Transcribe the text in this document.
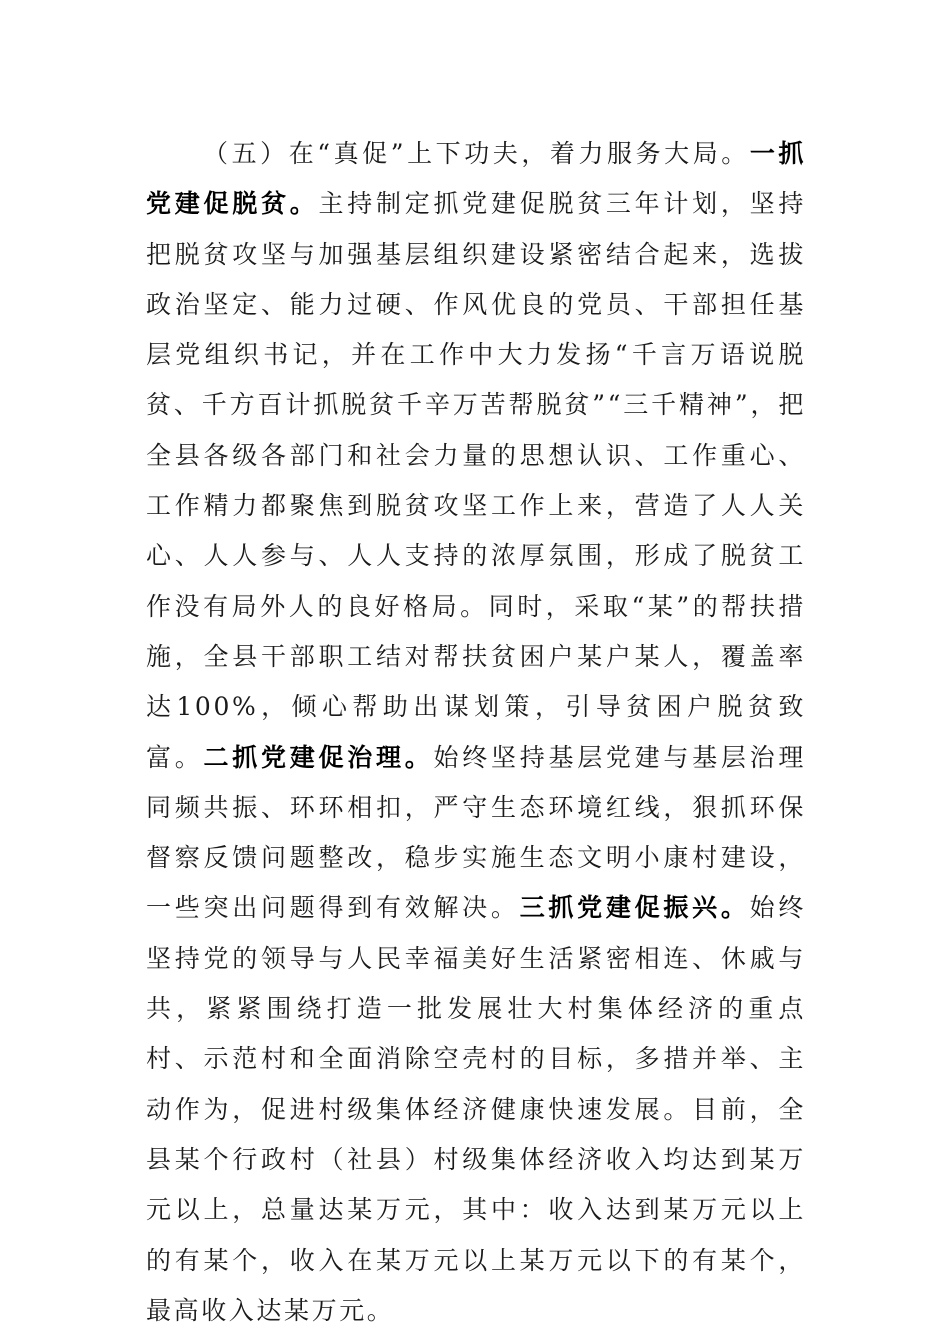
（五）在“真促”上下功夫，着力服务大局。一抓党建促脱贫。主持制定抓党建促脱贫三年计划，坚持把脱贫攻坚与加强基层组织建设紧密结合起来，选拔政治坚定、能力过硬、作风优良的党员、干部担任基层党组织书记，并在工作中大力发扬“千言万语说脱贫、千方百计抓脱贫千辛万苦帮脱贫”“三千精神”，把全县各级各部门和社会力量的思想认识、工作重心、工作精力都聚焦到脱贫攻坚工作上来，营造了人人关心、人人参与、人人支持的浓厚氛围，形成了脱贫工作没有局外人的良好格局。同时，采取“某”的帮扶措施，全县干部职工结对帮扶贫困户某户某人，覆盖率达100%，倾心帮助出谋划策，引导贫困户脱贫致富。二抓党建促治理。始终坚持基层党建与基层治理同频共振、环环相扣，严守生态环境红线，狠抓环保督察反馈问题整改，稳步实施生态文明小康村建设，一些突出问题得到有效解决。三抓党建促振兴。始终坚持党的领导与人民幸福美好生活紧密相连、休戚与共，紧紧围绕打造一批发展壮大村集体经济的重点村、示范村和全面消除空壳村的目标，多措并举、主动作为，促进村级集体经济健康快速发展。目前，全县某个行政村（社县）村级集体经济收入均达到某万元以上，总量达某万元，其中：收入达到某万元以上的有某个，收入在某万元以上某万元以下的有某个，最高收入达某万元。
